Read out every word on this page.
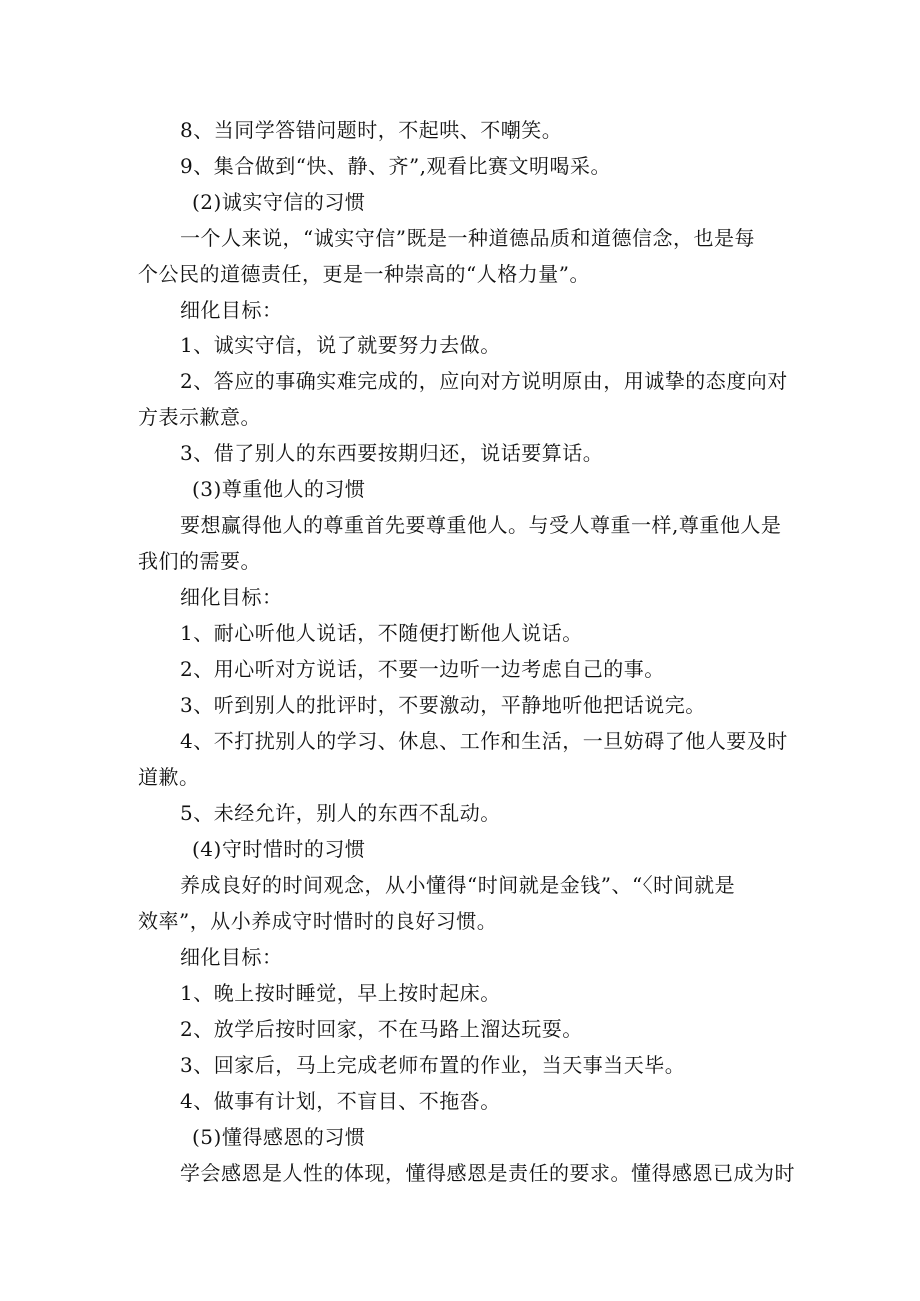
8、当同学答错问题时，不起哄、不嘲笑。
9、集合做到“快、静、齐”,观看比赛文明喝采。
(2)诚实守信的习惯
一个人来说，“诚实守信”既是一种道德品质和道德信念，也是每
个公民的道德责任，更是一种崇高的“人格力量”。
细化目标：
1、诚实守信，说了就要努力去做。
2、答应的事确实难完成的，应向对方说明原由，用诚挚的态度向对
方表示歉意。
3、借了别人的东西要按期归还，说话要算话。
(3)尊重他人的习惯
要想赢得他人的尊重首先要尊重他人。与受人尊重一样,尊重他人是
我们的需要。
细化目标：
1、耐心听他人说话，不随便打断他人说话。
2、用心听对方说话，不要一边听一边考虑自己的事。
3、听到别人的批评时，不要激动，平静地听他把话说完。
4、不打扰别人的学习、休息、工作和生活，一旦妨碍了他人要及时
道歉。
5、未经允许，别人的东西不乱动。
(4)守时惜时的习惯
养成良好的时间观念，从小懂得“时间就是金钱”、“〈时间就是
效率”，从小养成守时惜时的良好习惯。
细化目标：
1、晚上按时睡觉，早上按时起床。
2、放学后按时回家，不在马路上溜达玩耍。
3、回家后，马上完成老师布置的作业，当天事当天毕。
4、做事有计划，不盲目、不拖沓。
(5)懂得感恩的习惯
学会感恩是人性的体现，懂得感恩是责任的要求。懂得感恩已成为时
